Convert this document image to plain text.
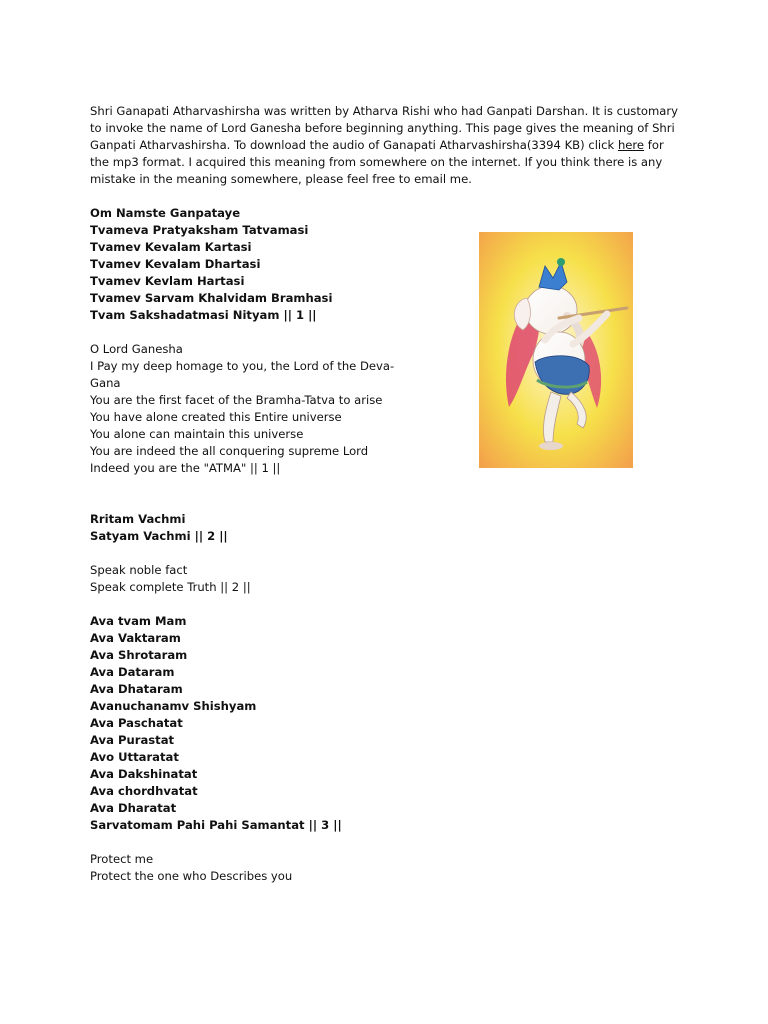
Shri Ganapati Atharvashirsha was written by Atharva Rishi who had Ganpati Darshan. It is customary
to invoke the name of Lord Ganesha before beginning anything. This page gives the meaning of Shri
Ganpati Atharvashirsha. To download the audio of Ganapati Atharvashirsha(3394 KB) click here for
the mp3 format. I acquired this meaning from somewhere on the internet. If you think there is any
mistake in the meaning somewhere, please feel free to email me.
Om Namste Ganpataye
Tvameva Pratyaksham Tatvamasi
Tvamev Kevalam Kartasi
Tvamev Kevalam Dhartasi
Tvamev Kevlam Hartasi
Tvamev Sarvam Khalvidam Bramhasi
Tvam Sakshadatmasi Nityam || 1 ||
O Lord Ganesha
I Pay my deep homage to you, the Lord of the Deva-
Gana
You are the first facet of the Bramha-Tatva to arise
You have alone created this Entire universe
You alone can maintain this universe
You are indeed the all conquering supreme Lord
Indeed you are the "ATMA" || 1 ||
Rritam Vachmi
Satyam Vachmi || 2 ||
Speak noble fact
Speak complete Truth || 2 ||
Ava tvam Mam
Ava Vaktaram
Ava Shrotaram
Ava Dataram
Ava Dhataram
Avanuchanamv Shishyam
Ava Paschatat
Ava Purastat
Avo Uttaratat
Ava Dakshinatat
Ava chordhvatat
Ava Dharatat
Sarvatomam Pahi Pahi Samantat || 3 ||
Protect me
Protect the one who Describes you
